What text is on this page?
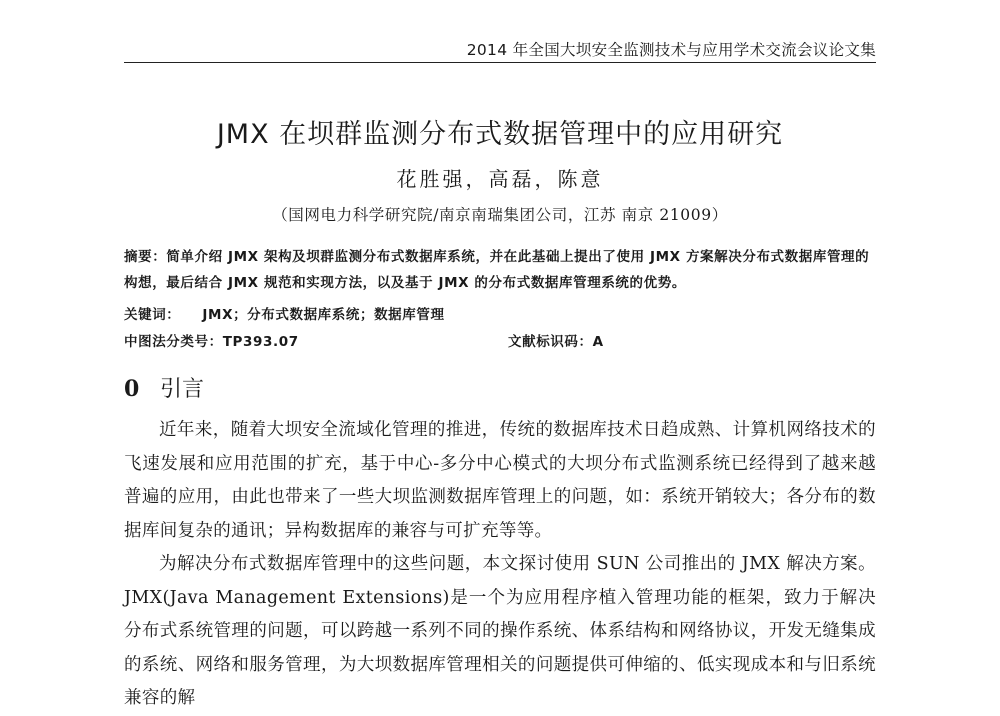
2014 年全国大坝安全监测技术与应用学术交流会议论文集
JMX 在坝群监测分布式数据管理中的应用研究
花胜强，高磊，陈意
（国网电力科学研究院/南京南瑞集团公司，江苏 南京 21009）
摘要：简单介绍 JMX 架构及坝群监测分布式数据库系统，并在此基础上提出了使用 JMX 方案解决分布式数据库管理的构想，最后结合 JMX 规范和实现方法，以及基于 JMX 的分布式数据库管理系统的优势。
关键词： JMX；分布式数据库系统；数据库管理
中图法分类号：TP393.07	文献标识码：A
0 引言

近年来，随着大坝安全流域化管理的推进，传统的数据库技术日趋成熟、计算机网络技术的飞速发展和应用范围的扩充，基于中心-多分中心模式的大坝分布式监测系统已经得到了越来越普遍的应用，由此也带来了一些大坝监测数据库管理上的问题，如：系统开销较大；各分布的数据库间复杂的通讯；异构数据库的兼容与可扩充等等。

为解决分布式数据库管理中的这些问题，本文探讨使用 SUN 公司推出的 JMX 解决方案。JMX(Java Management Extensions)是一个为应用程序植入管理功能的框架，致力于解决分布式系统管理的问题，可以跨越一系列不同的操作系统、体系结构和网络协议，开发无缝集成的系统、网络和服务管理，为大坝数据库管理相关的问题提供可伸缩的、低实现成本和与旧系统兼容的解
